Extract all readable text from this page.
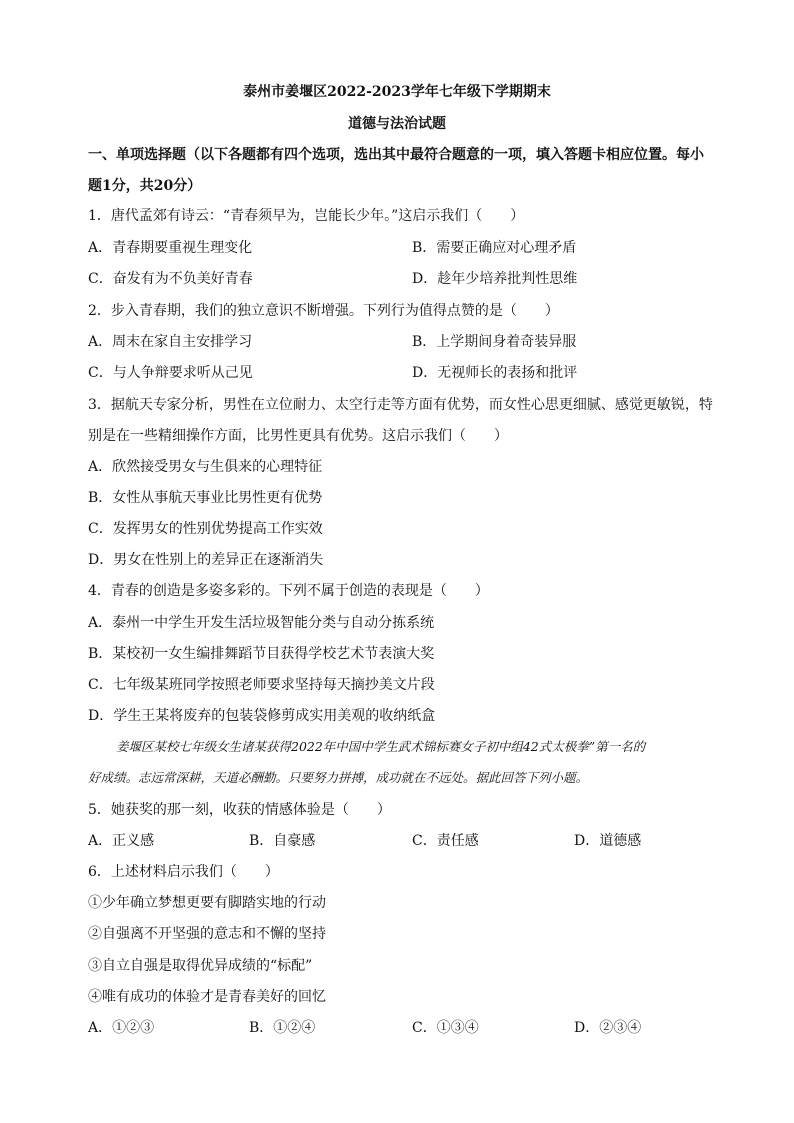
泰州市姜堰区2022-2023学年七年级下学期期末
道德与法治试题
一、单项选择题（以下各题都有四个选项，选出其中最符合题意的一项，填入答题卡相应位置。每小
题1分，共20分）
1．唐代孟郊有诗云：“青春须早为，岂能长少年。”这启示我们（　　）
A．青春期要重视生理变化	B．需要正确应对心理矛盾
C．奋发有为不负美好青春	D．趁年少培养批判性思维
2．步入青春期，我们的独立意识不断增强。下列行为值得点赞的是（　　）
A．周末在家自主安排学习	B．上学期间身着奇装异服
C．与人争辩要求听从己见	D．无视师长的表扬和批评
3．据航天专家分析，男性在立位耐力、太空行走等方面有优势，而女性心思更细腻、感觉更敏锐，特
别是在一些精细操作方面，比男性更具有优势。这启示我们（　　）
A．欣然接受男女与生俱来的心理特征
B．女性从事航天事业比男性更有优势
C．发挥男女的性别优势提高工作实效
D．男女在性别上的差异正在逐渐消失
4．青春的创造是多姿多彩的。下列不属于创造的表现是（　　）
A．泰州一中学生开发生活垃圾智能分类与自动分拣系统
B．某校初一女生编排舞蹈节目获得学校艺术节表演大奖
C．七年级某班同学按照老师要求坚持每天摘抄美文片段
D．学生王某将废弃的包装袋修剪成实用美观的收纳纸盒
姜堰区某校七年级女生诸某获得2022年中国中学生武术锦标赛女子初中组42式太极拳”第一名的
好成绩。志远常深耕，天道必酬勤。只要努力拼搏，成功就在不远处。据此回答下列小题。
5．她获奖的那一刻，收获的情感体验是（　　）
A．正义感	B．自豪感	C．责任感	D．道德感
6．上述材料启示我们（　　）
①少年确立梦想更要有脚踏实地的行动
②自强离不开坚强的意志和不懈的坚持
③自立自强是取得优异成绩的“标配”
④唯有成功的体验才是青春美好的回忆
A．①②③	B．①②④	C．①③④	D．②③④
